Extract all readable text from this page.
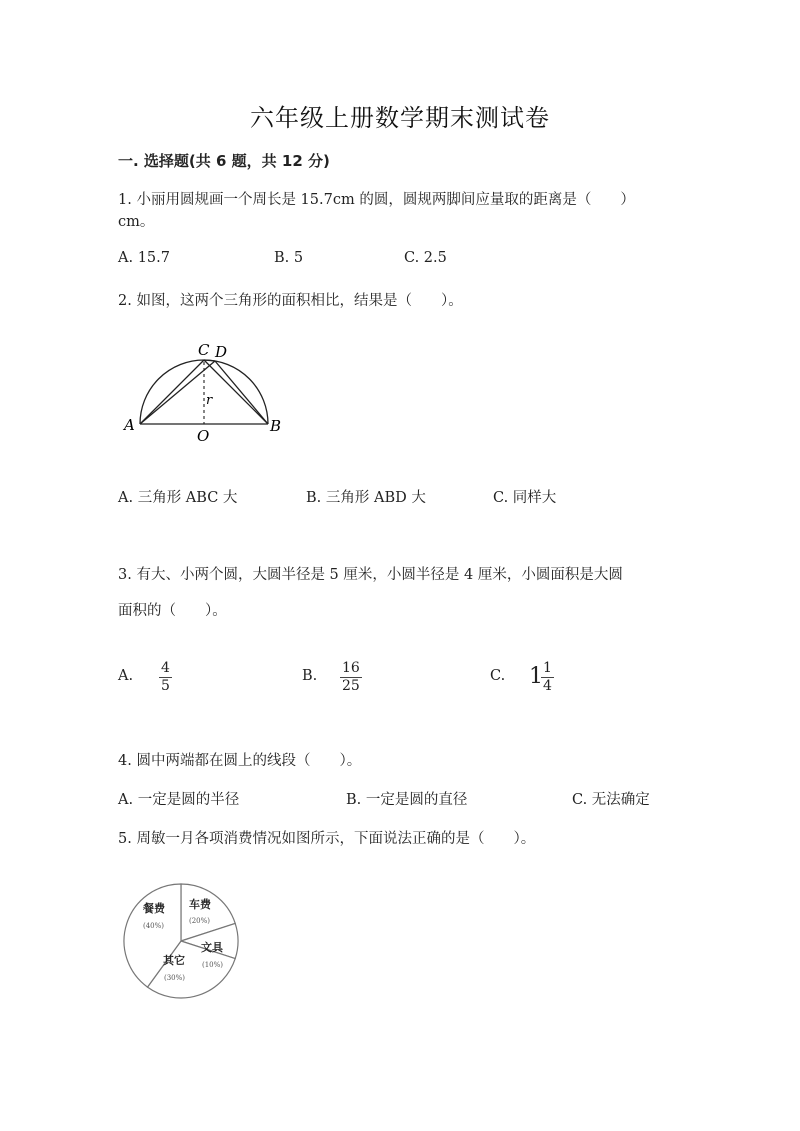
六年级上册数学期末测试卷
一. 选择题(共 6 题，共 12 分)
1. 小丽用圆规画一个周长是 15.7cm 的圆，圆规两脚间应量取的距离是（　　）
cm。
A. 15.7	B. 5	C. 2.5
2. 如图，这两个三角形的面积相比，结果是（　　）。
C D
A	B
O
r
A. 三角形 ABC 大	B. 三角形 ABD 大	C. 同样大
3. 有大、小两个圆，大圆半径是 5 厘米，小圆半径是 4 厘米，小圆面积是大圆
面积的（　　）。
A. 4
5
B. 16
25
C. 1 1
4
4. 圆中两端都在圆上的线段（　　）。
A. 一定是圆的半径	B. 一定是圆的直径	C. 无法确定
5. 周敏一月各项消费情况如图所示，下面说法正确的是（　　）。
餐费
(40%)
车费
(20%)
文具
(10%)
其它
(30%)
